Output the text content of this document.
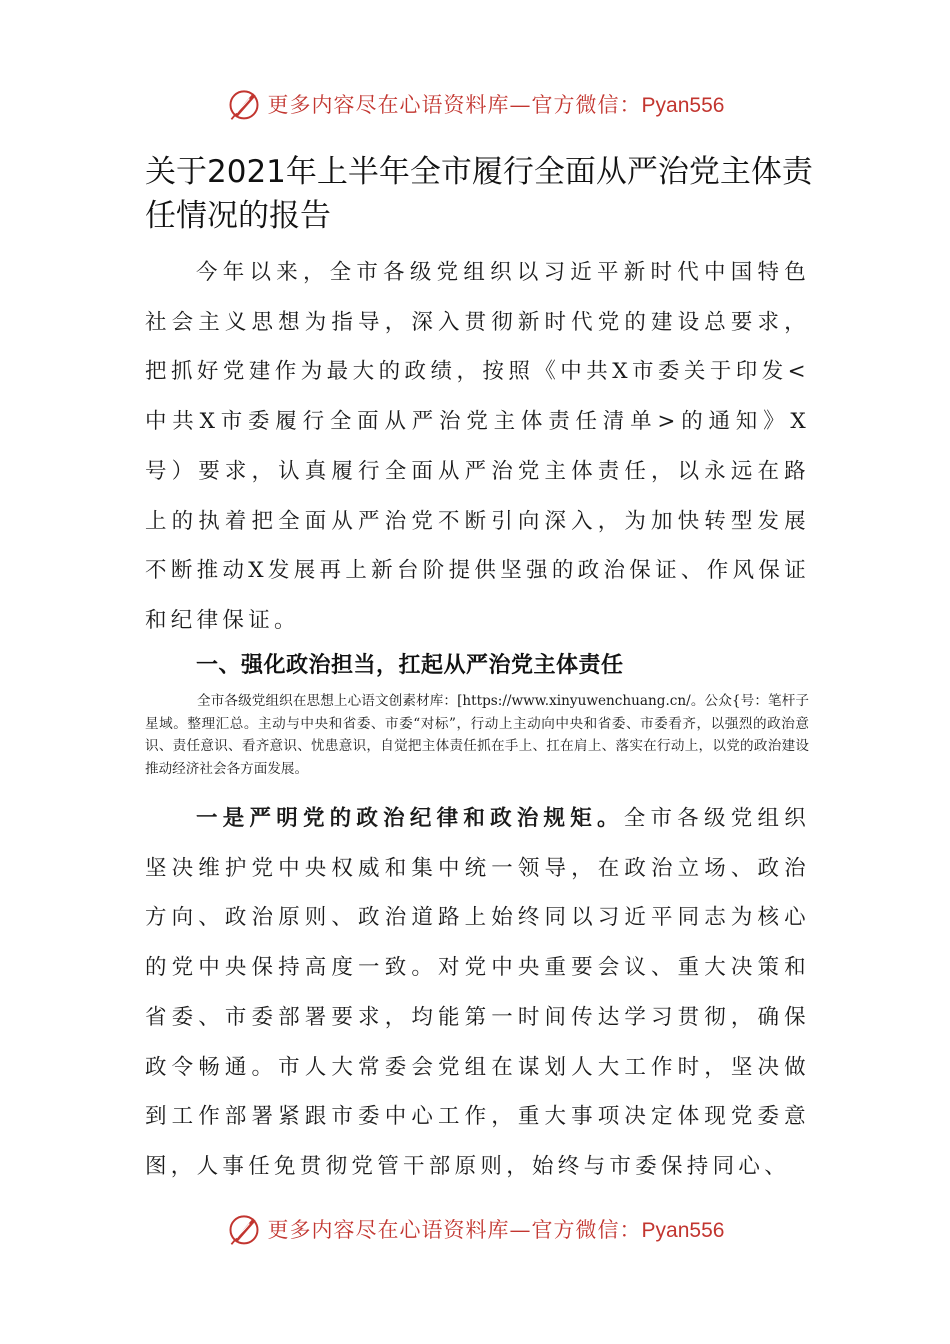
更多内容尽在心语资料库—官方微信：Pyan556
关于2021年上半年全市履行全面从严治党主体责任情况的报告
今年以来，全市各级党组织以习近平新时代中国特色社会主义思想为指导，深入贯彻新时代党的建设总要求，把抓好党建作为最大的政绩，按照《中共X市委关于印发<中共X市委履行全面从严治党主体责任清单>的通知》X号）要求，认真履行全面从严治党主体责任，以永远在路上的执着把全面从严治党不断引向深入，为加快转型发展不断推动X发展再上新台阶提供坚强的政治保证、作风保证和纪律保证。
一、强化政治担当，扛起从严治党主体责任
全市各级党组织在思想上心语文创素材库：[https://www.xinyuwenchuang.cn/。公众{号：笔杆子星域。整理汇总。主动与中央和省委、市委“对标”，行动上主动向中央和省委、市委看齐，以强烈的政治意识、责任意识、看齐意识、忧患意识，自觉把主体责任抓在手上、扛在肩上、落实在行动上，以党的政治建设推动经济社会各方面发展。
一是严明党的政治纪律和政治规矩。全市各级党组织坚决维护党中央权威和集中统一领导，在政治立场、政治方向、政治原则、政治道路上始终同以习近平同志为核心的党中央保持高度一致。对党中央重要会议、重大决策和省委、市委部署要求，均能第一时间传达学习贯彻，确保政令畅通。市人大常委会党组在谋划人大工作时，坚决做到工作部署紧跟市委中心工作，重大事项决定体现党委意图，人事任免贯彻党管干部原则，始终与市委保持同心、
更多内容尽在心语资料库—官方微信：Pyan556
